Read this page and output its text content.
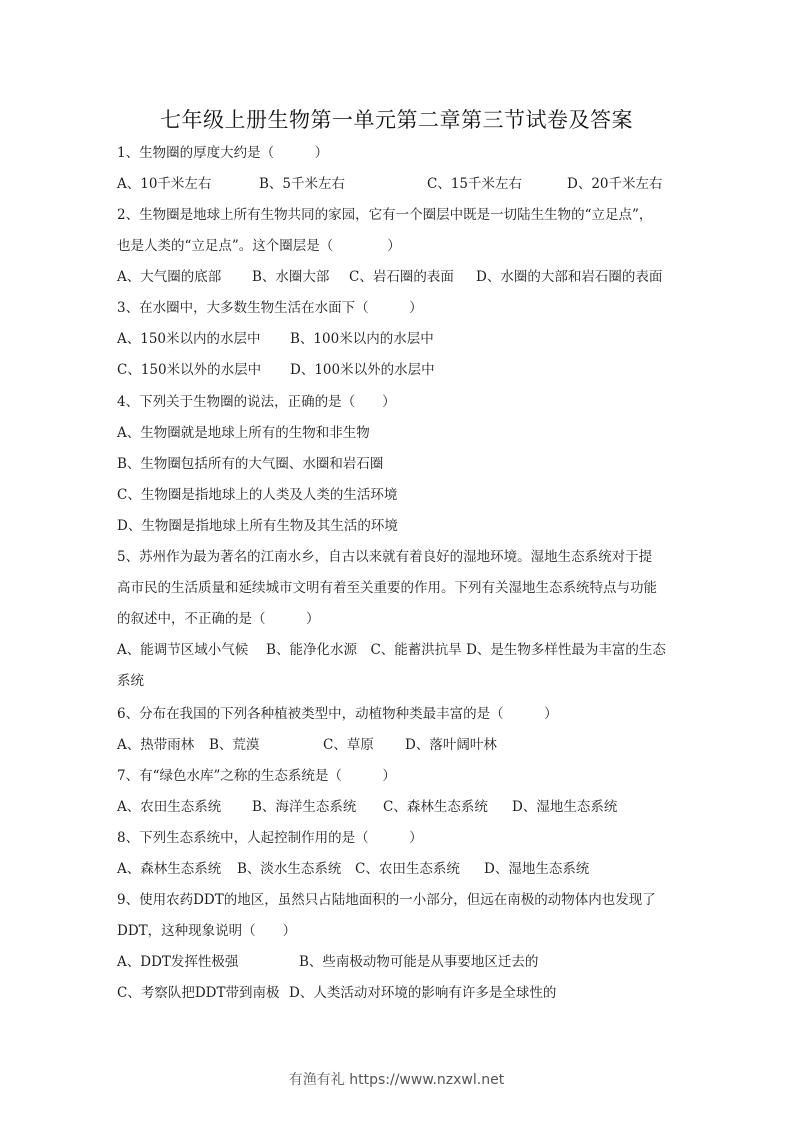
七年级上册生物第一单元第二章第三节试卷及答案
1、生物圈的厚度大约是（　　　）
A、10千米左右	B、5千米左右	C、15千米左右	D、20千米左右
2、生物圈是地球上所有生物共同的家园，它有一个圈层中既是一切陆生生物的“立足点”，
也是人类的“立足点”。这个圈层是（　　　　）
A、大气圈的底部 B、水圈大部 C、岩石圈的表面 D、水圈的大部和岩石圈的表面
3、在水圈中，大多数生物生活在水面下（　　　）
A、150米以内的水层中 B、100米以内的水层中
C、150米以外的水层中 D、100米以外的水层中
4、下列关于生物圈的说法，正确的是（　　）
A、生物圈就是地球上所有的生物和非生物
B、生物圈包括所有的大气圈、水圈和岩石圈
C、生物圈是指地球上的人类及人类的生活环境
D、生物圈是指地球上所有生物及其生活的环境
5、苏州作为最为著名的江南水乡，自古以来就有着良好的湿地环境。湿地生态系统对于提
高市民的生活质量和延续城市文明有着至关重要的作用。下列有关湿地生态系统特点与功能
的叙述中，不正确的是（　　　）
A、能调节区域小气候　 B、能净化水源　C、能蓄洪抗旱 D、是生物多样性最为丰富的生态
系统
6、分布在我国的下列各种植被类型中，动植物种类最丰富的是（　　　）
A、热带雨林 B、荒漠	C、草原 D、落叶阔叶林
7、有“绿色水库”之称的生态系统是（　　　）
A、农田生态系统 B、海洋生态系统 C、森林生态系统 D、湿地生态系统
8、下列生态系统中，人起控制作用的是（　　　）
A、森林生态系统 B、淡水生态系统 C、农田生态系统 D、湿地生态系统
9、使用农药DDT的地区，虽然只占陆地面积的一小部分，但远在南极的动物体内也发现了
DDT，这种现象说明（　　）
A、DDT发挥性极强	B、些南极动物可能是从事要地区迁去的
C、考察队把DDT带到南极 D、人类活动对环境的影响有许多是全球性的
有渔有礼 https://www.nzxwl.net
